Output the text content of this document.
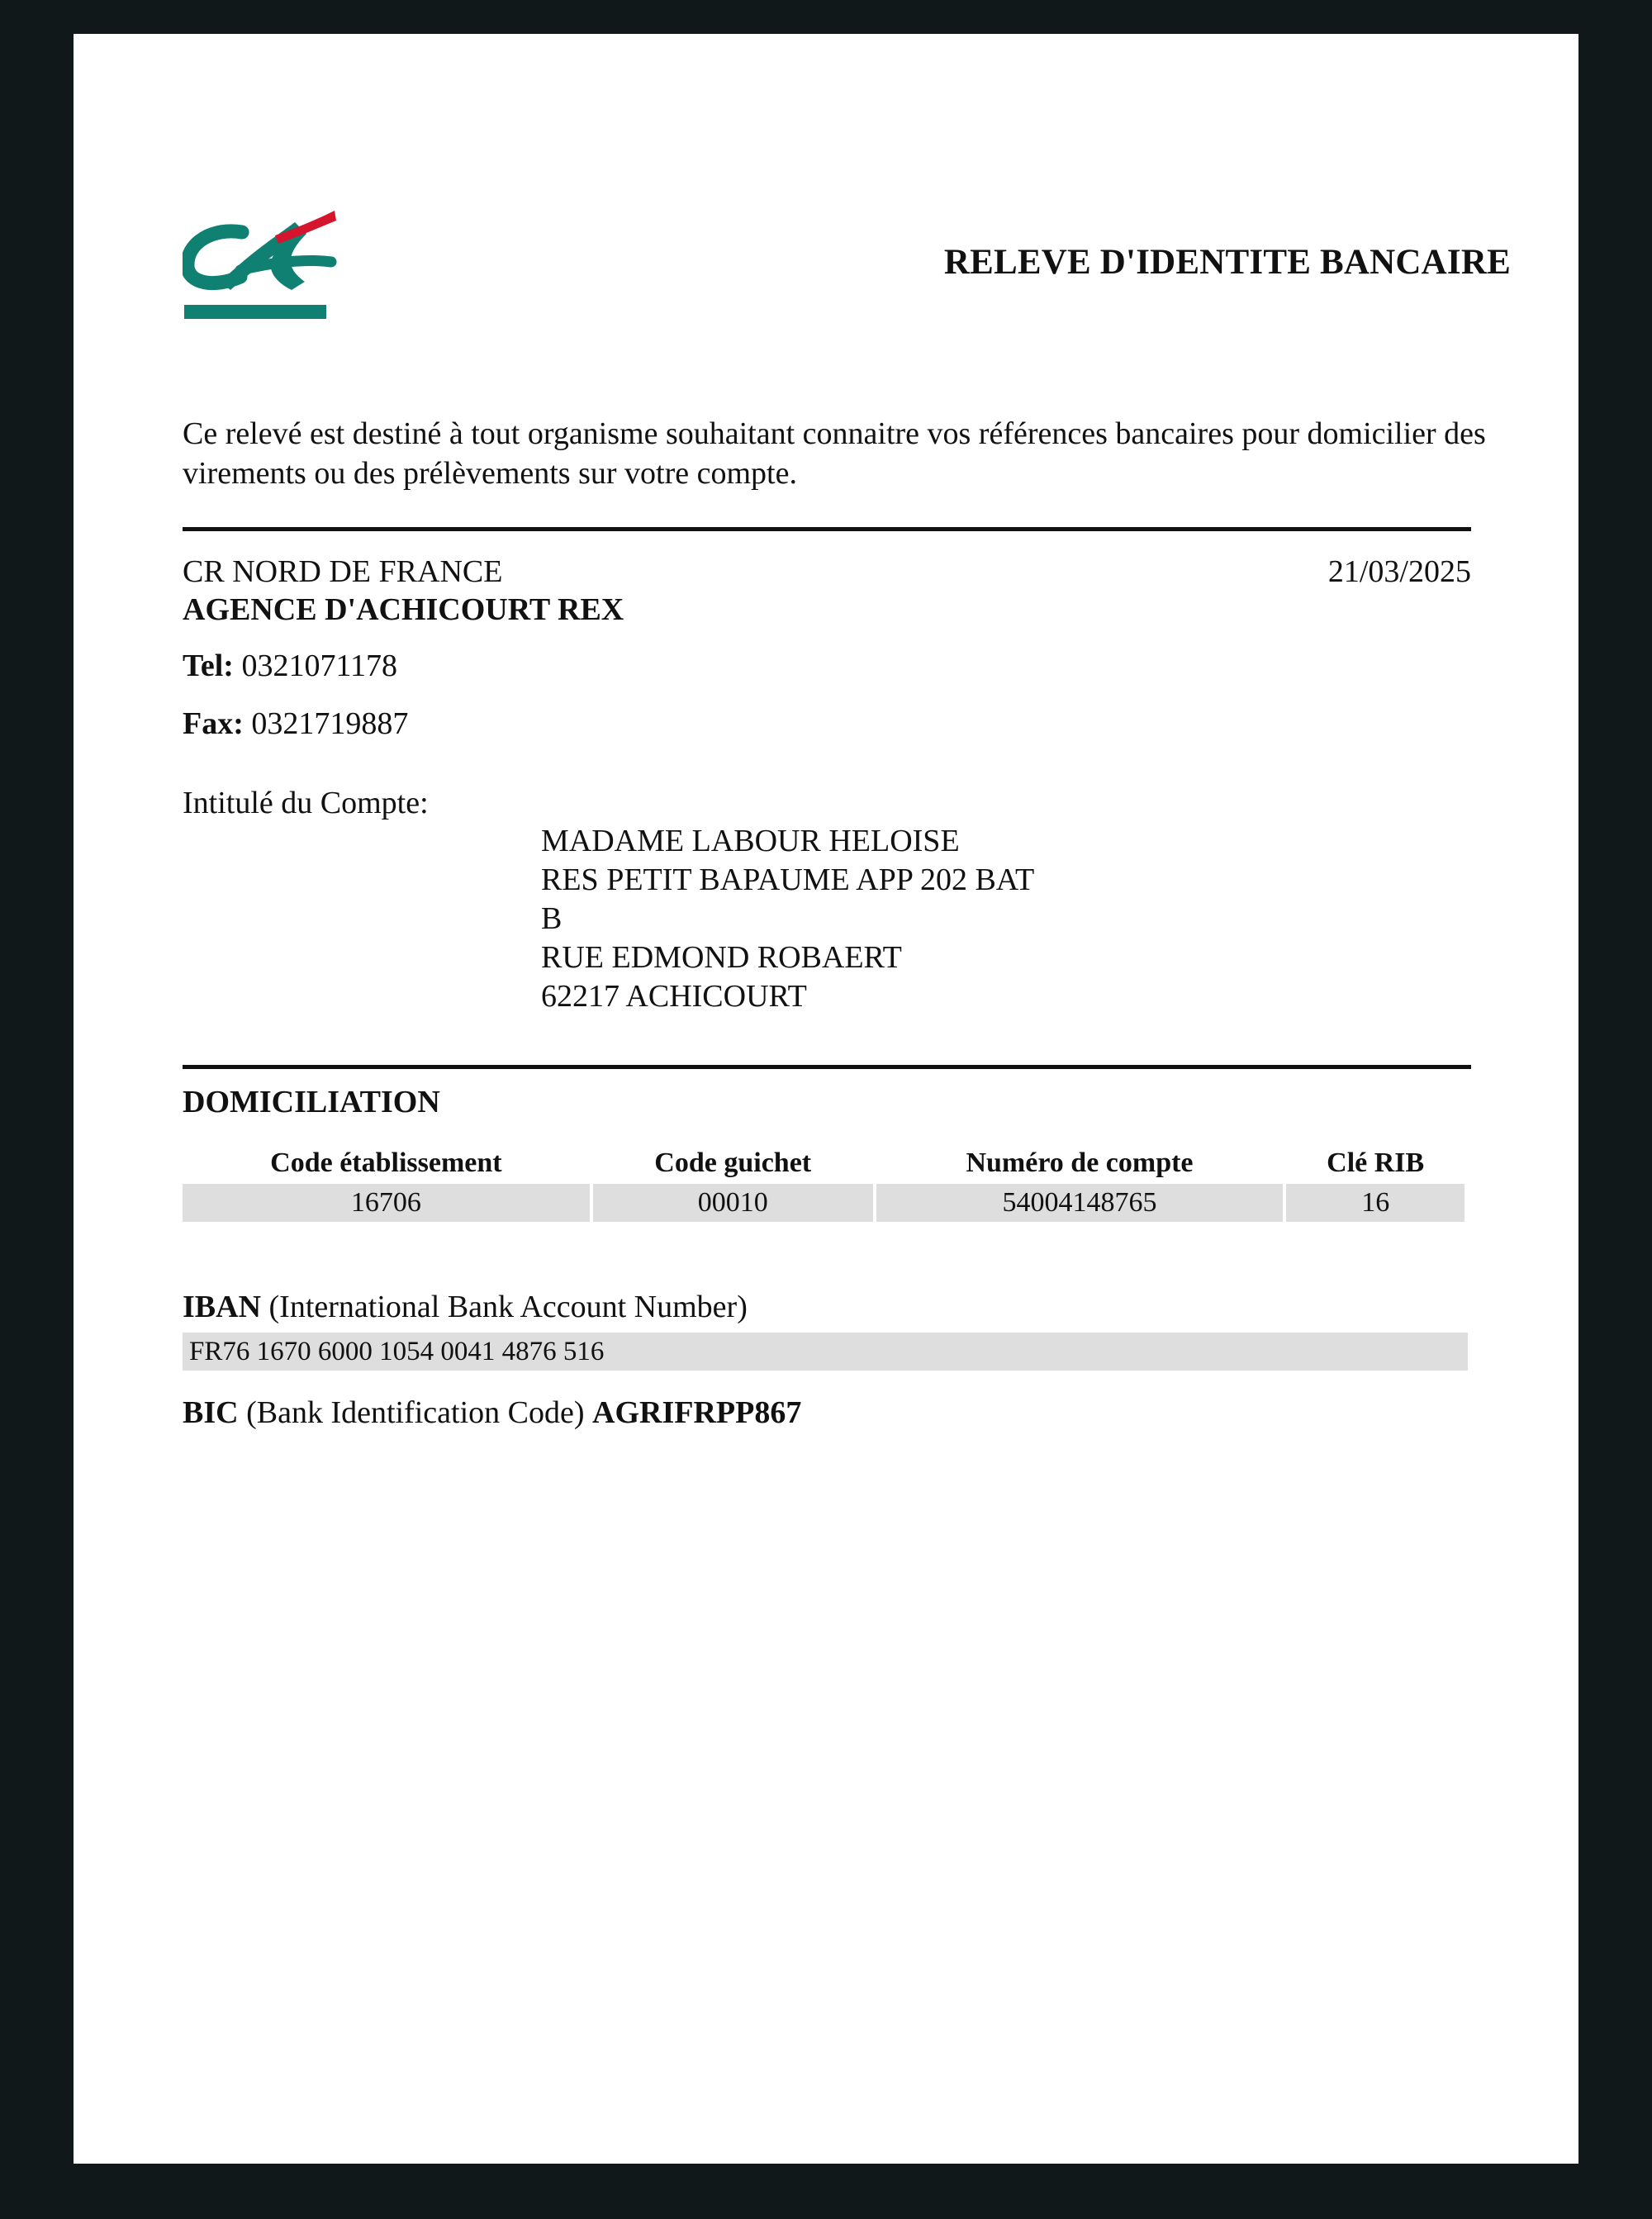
RELEVE D'IDENTITE BANCAIRE
Ce relevé est destiné à tout organisme souhaitant connaitre vos références bancaires pour domicilier des virements ou des prélèvements sur votre compte.
CR NORD DE FRANCE
AGENCE D'ACHICOURT REX
21/03/2025
Tel: 0321071178
Fax: 0321719887
Intitulé du Compte:
MADAME LABOUR HELOISE
RES PETIT BAPAUME APP 202 BAT
B
RUE EDMOND ROBAERT
62217 ACHICOURT
DOMICILIATION
Code établissement	Code guichet	Numéro de compte	Clé RIB
16706	00010	54004148765	16
IBAN (International Bank Account Number)
FR76 1670 6000 1054 0041 4876 516
BIC (Bank Identification Code) AGRIFRPP867
